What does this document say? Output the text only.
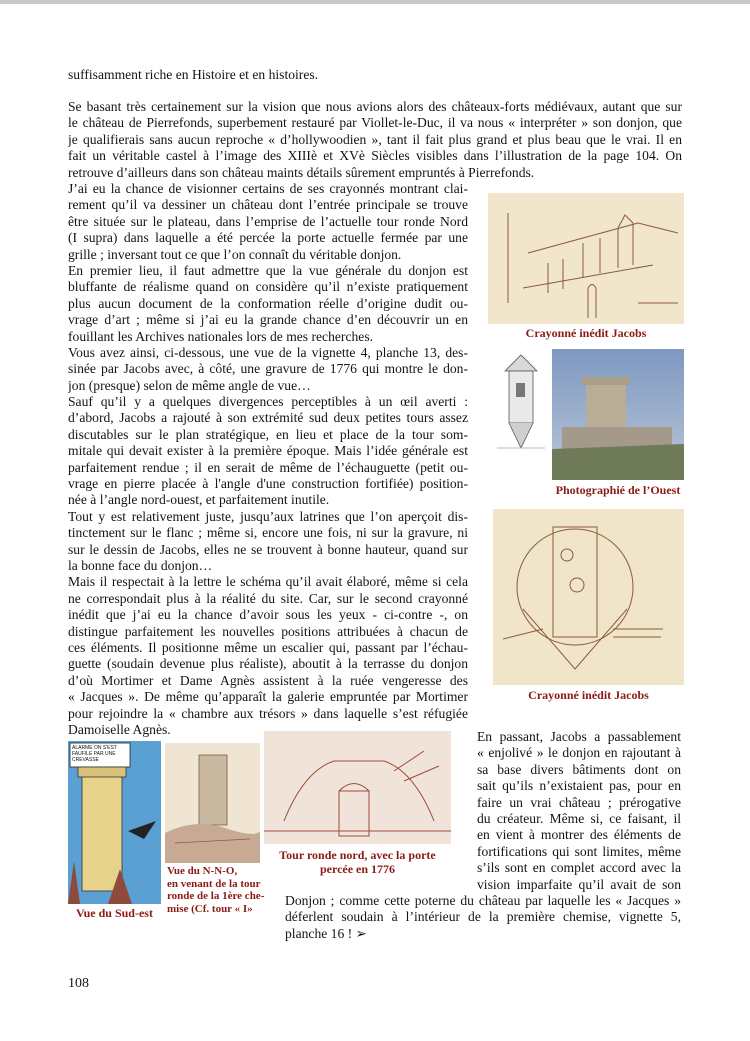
suffisamment riche en Histoire et en histoires.

Se basant très certainement sur la vision que nous avions alors des châteaux-forts médiévaux, autant que sur
le château de Pierrefonds, superbement restauré par Viollet-le-Duc, il va nous « interpréter » son donjon, que
je qualifierais sans aucun reproche « d’hollywoodien », tant il fait plus grand et plus beau que le vrai. Il en
fait un véritable castel à l’image des XIIIè et XVè Siècles visibles dans l’illustration de la page 104. On
retrouve d’ailleurs dans son château maints détails sûrement empruntés à Pierrefonds.
J’ai eu la chance de visionner certains de ses crayonnés montrant clai-
rement qu’il va dessiner un château dont l’entrée principale se trouve
être située sur le plateau, dans l’emprise de l’actuelle tour ronde Nord
(I supra) dans laquelle a été percée la porte actuelle fermée par une
grille ; inversant tout ce que l’on connaît du véritable donjon.
En premier lieu, il faut admettre que la vue générale du donjon est
bluffante de réalisme quand on considère qu’il n’existe pratiquement
plus aucun document de la conformation réelle d’origine dudit ou-
vrage d’art ; même si j’ai eu la grande chance d’en découvrir un en
fouillant les Archives nationales lors de mes recherches.
Vous avez ainsi, ci-dessous, une vue de la vignette 4, planche 13, des-
sinée par Jacobs avec, à côté, une gravure de 1776 qui montre le don-
jon (presque) selon de même angle de vue…
Sauf qu’il y a quelques divergences perceptibles à un œil averti :
d’abord, Jacobs a rajouté à son extrémité sud deux petites tours assez
discutables sur le plan stratégique, en lieu et place de la tour som-
mitale qui devait exister à la première époque. Mais l’idée générale est
parfaitement rendue ; il en serait de même de l’échauguette (petit ou-
vrage en pierre placée à l'angle d'une construction fortifiée) position-
née à l’angle nord-ouest, et parfaitement inutile.
Tout y est relativement juste, jusqu’aux latrines que l’on aperçoit dis-
tinctement sur le flanc ; même si, encore une fois, ni sur la gravure, ni
sur le dessin de Jacobs, elles ne se trouvent à bonne hauteur, quand sur
la bonne face du donjon…
Mais il respectait à la lettre le schéma qu’il avait élaboré, même si cela
ne correspondait plus à la réalité du site. Car, sur le second crayonné
inédit que j’ai eu la chance d’avoir sous les yeux - ci-contre -, on
distingue parfaitement les nouvelles positions attribuées à chacun de
ces éléments. Il positionne même un escalier qui, passant par l’échau-
guette (soudain devenue plus réaliste), aboutit à la terrasse du donjon
d’où Mortimer et Dame Agnès assistent à la ruée vengeresse des
« Jacques ». De même qu’apparaît la galerie empruntée par Mortimer
pour rejoindre la « chambre aux trésors » dans laquelle s’est réfugiée
Damoiselle Agnès.
Crayonné inédit Jacobs
Photographié de l’Ouest
Crayonné inédit Jacobs
ALARME ON S'EST FAUFILE PAR UNE CREVASSE
Vue du Sud-est
Vue du N-N-O,
en venant de la tour
ronde de la 1ère che-
mise (Cf. tour « I»
Tour ronde nord, avec la porte
percée en 1776
En passant, Jacobs a passablement
« enjolivé » le donjon en rajoutant à
sa base divers bâtiments dont on
sait qu’ils n’existaient pas, pour en
faire un vrai château ; prérogative
du créateur. Même si, ce faisant, il
en vient à montrer des éléments de
fortifications qui sont limites, même
s’ils sont en complet accord avec la
vision imparfaite qu’il avait de son
Donjon ; comme cette poterne du château par laquelle les « Jacques »
déferlent soudain à l’intérieur de la première chemise, vignette 5,
planche 16 ! ➢
108
